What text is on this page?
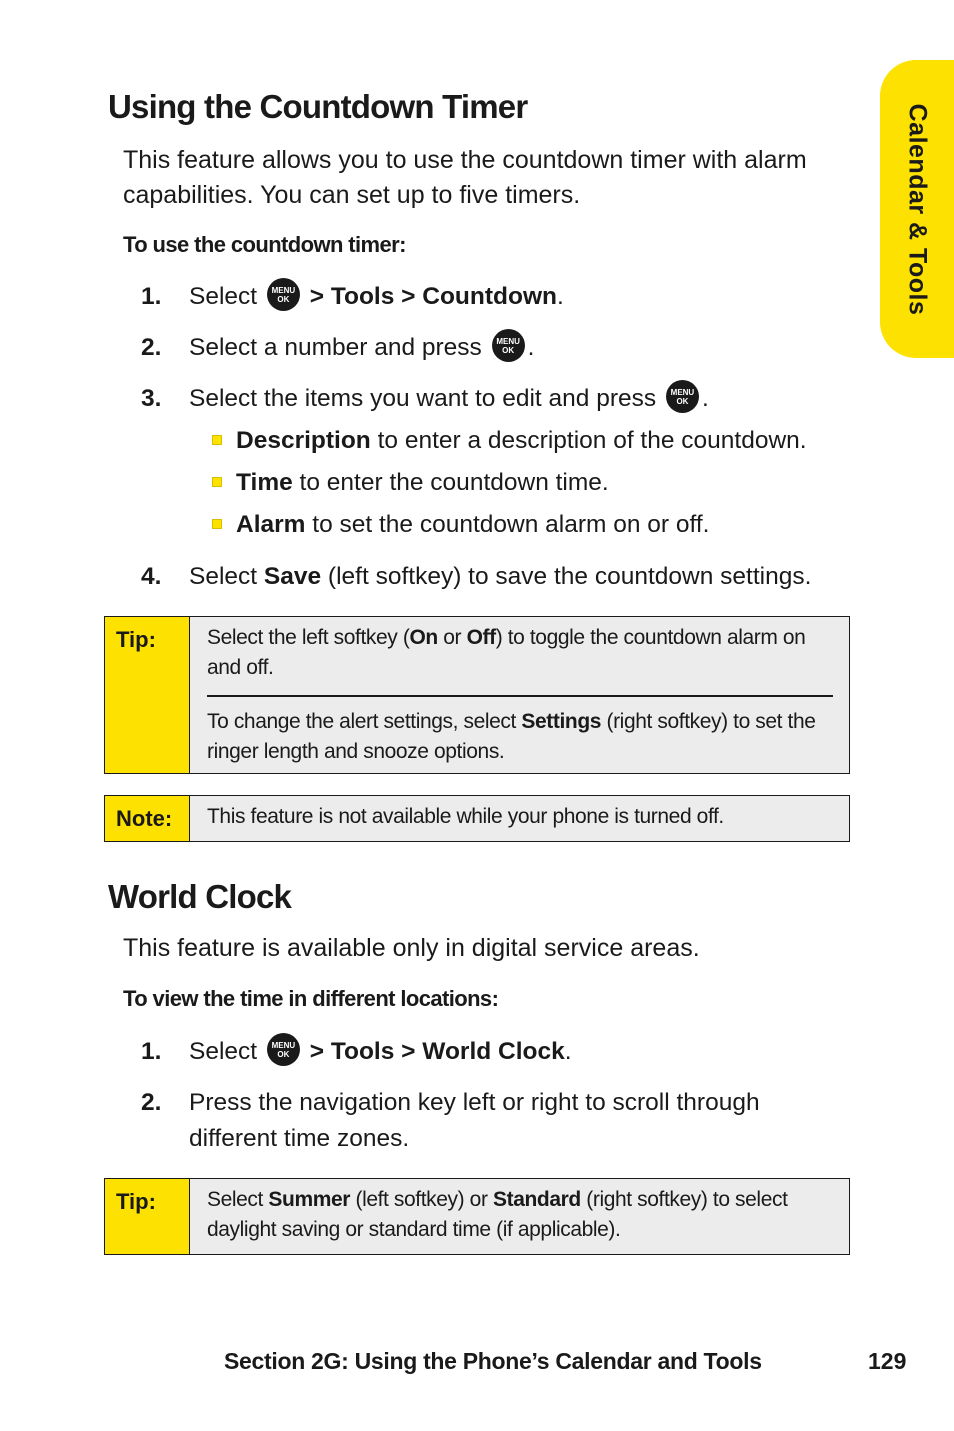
Calendar & Tools
Using the Countdown Timer

This feature allows you to use the countdown timer with alarm capabilities. You can set up to five timers.

To use the countdown timer:

1. Select MENU
OK > Tools > Countdown.
2. Select a number and press MENU
OK .
3. Select the items you want to edit and press MENU
OK .
Description to enter a description of the countdown.
Time to enter the countdown time.
Alarm to set the countdown alarm on or off.
4. Select Save (left softkey) to save the countdown settings.
Tip:	Select the left softkey (On or Off) to toggle the countdown alarm on and off.

To change the alert settings, select Settings (right softkey) to set the ringer length and snooze options.

Note:	This feature is not available while your phone is turned off.

World Clock

This feature is available only in digital service areas.

To view the time in different locations:

1. Select MENU
OK > Tools > World Clock.
2. Press the navigation key left or right to scroll through different time zones.
Tip:	Select Summer (left softkey) or Standard (right softkey) to select daylight saving or standard time (if applicable).

Section 2G: Using the Phone’s Calendar and Tools	129
